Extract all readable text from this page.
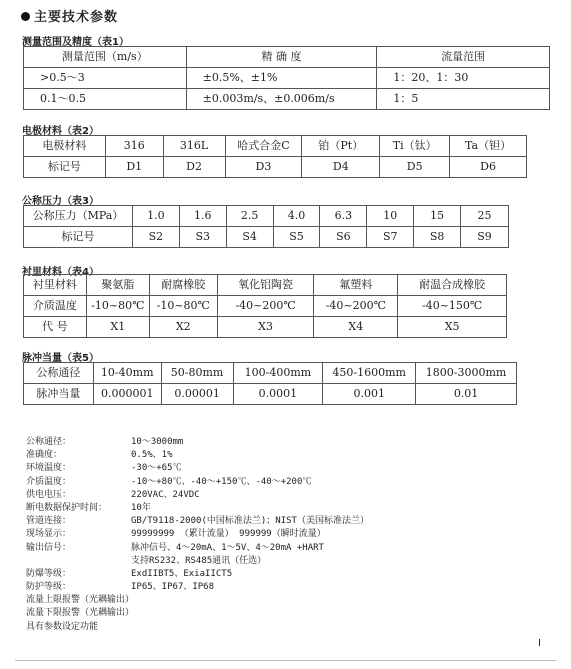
主要技术参数
测量范围及精度（表1）
测量范围（m/s）	精 确 度	流量范围
>0.5～3	±0.5%、±1%	1：20、1：30
0.1～0.5	±0.003m/s、±0.006m/s	1：5
电极材料（表2）
电极材料	316	316L	哈式合金C	铂（Pt）	Ti（钛）	Ta（钽）
标记号	D1	D2	D3	D4	D5	D6
公称压力（表3）
公称压力（MPa）	1.0	1.6	2.5	4.0	6.3	10	15	25
标记号	S2	S3	S4	S5	S6	S7	S8	S9
衬里材料（表4）
衬里材料	聚氨脂	耐腐橡胶	氧化铝陶瓷	氟塑料	耐温合成橡胶
介质温度	-10~80℃	-10~80℃	-40~200℃	-40~200℃	-40~150℃
代 号	X1	X2	X3	X4	X5
脉冲当量（表5）
公称通径	10-40mm	50-80mm	100-400mm	450-1600mm	1800-3000mm
脉冲当量	0.000001	0.00001	0.0001	0.001	0.01
公称通径：	10～3000mm
准确度：	0.5%、1%
环境温度：	-30～+65℃
介质温度：	-10～+80℃、-40～+150℃、-40～+200℃
供电电压：	220VAC、24VDC
断电数据保护时间：	10年
管道连接：	GB/T9118-2000(中国标准法兰)；NIST（美国标准法兰）
现场显示：	99999999 （累计流量） 999999（瞬时流量）
输出信号：	脉冲信号、4～20mA、1～5V、4～20mA +HART
支持RS232、RS485通讯（任选）
防爆等级：	ExdIIBT5、ExiaIICT5
防护等级：	IP65、IP67、IP68
流量上限报警（光耦输出）
流量下限报警（光耦输出）
具有参数设定功能
I
